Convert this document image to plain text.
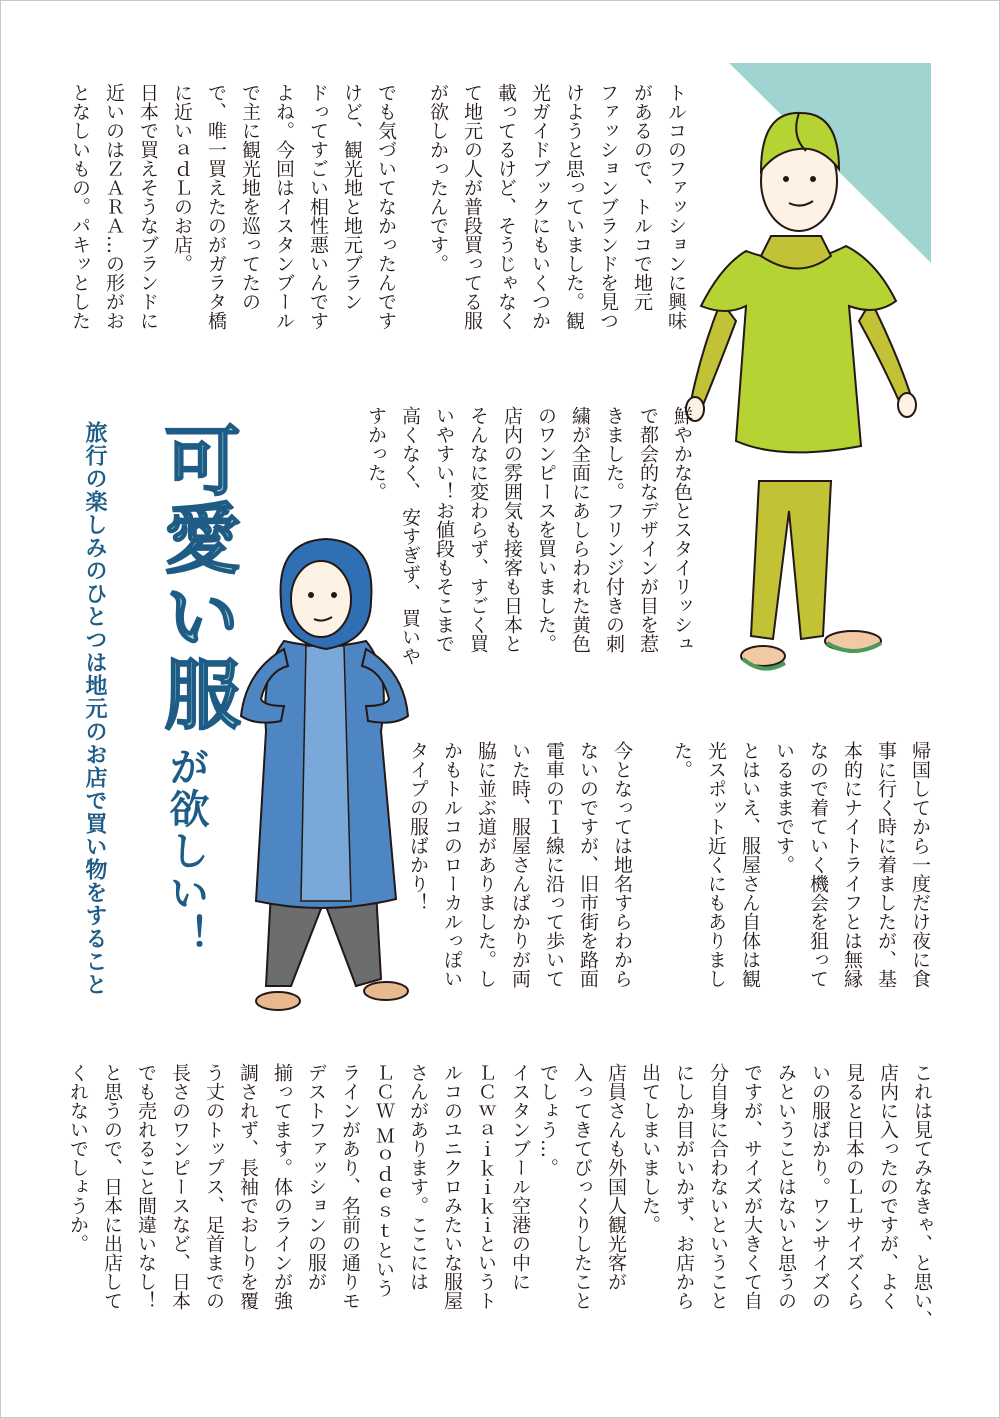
可愛い服
が欲しい！
旅行の楽しみのひとつは地元のお店で買い物をすること
トルコのファッションに興味
があるので、トルコで地元
ファッションブランドを見つ
けようと思っていました。観
光ガイドブックにもいくつか
載ってるけど、そうじゃなく
て地元の人が普段買ってる服
が欲しかったんです。
でも気づいてなかったんです
けど、観光地と地元ブラン
ドってすごい相性悪いんです
よね。今回はイスタンブール
で主に観光地を巡ってたの
で、唯一買えたのがガラタ橋
に近いａｄＬのお店。
日本で買えそうなブランドに
近いのはＺＡＲＡ…の形がお
となしいもの。パキッとした
鮮やかな色とスタイリッシュ
で都会的なデザインが目を惹
きました。フリンジ付きの刺
繍が全面にあしらわれた黄色
のワンピースを買いました。
店内の雰囲気も接客も日本と
そんなに変わらず、すごく買
いやすい！お値段もそこまで
高くなく、 安すぎず、 買いや
すかった。
帰国してから一度だけ夜に食
事に行く時に着ましたが、基
本的にナイトライフとは無縁
なので着ていく機会を狙って
いるままです。
とはいえ、服屋さん自体は観
光スポット近くにもありまし
た。
今となっては地名すらわから
ないのですが、旧市街を路面
電車のＴ１線に沿って歩いて
いた時、服屋さんばかりが両
脇に並ぶ道がありました。し
かもトルコのローカルっぽい
タイプの服ばかり！
これは見てみなきゃ、と思い、
店内に入ったのですが、よく
見ると日本のＬＬサイズくら
いの服ばかり。ワンサイズの
みということはないと思うの
ですが、サイズが大きくて自
分自身に合わないということ
にしか目がいかず、お店から
出てしまいました。
店員さんも外国人観光客が
入ってきてびっくりしたこと
でしょう…。
イスタンブール空港の中に
ＬＣｗａｉｋｉｋｉというト
ルコのユニクロみたいな服屋
さんがあります。ここには
ＬＣＷ Ｍｏｄｅｓｔという
ラインがあり、名前の通りモ
デストファッションの服が
揃ってます。体のラインが強
調されず、長袖でおしりを覆
う丈のトップス、足首までの
長さのワンピースなど、日本
でも売れること間違いなし！
と思うので、日本に出店して
くれないでしょうか。
